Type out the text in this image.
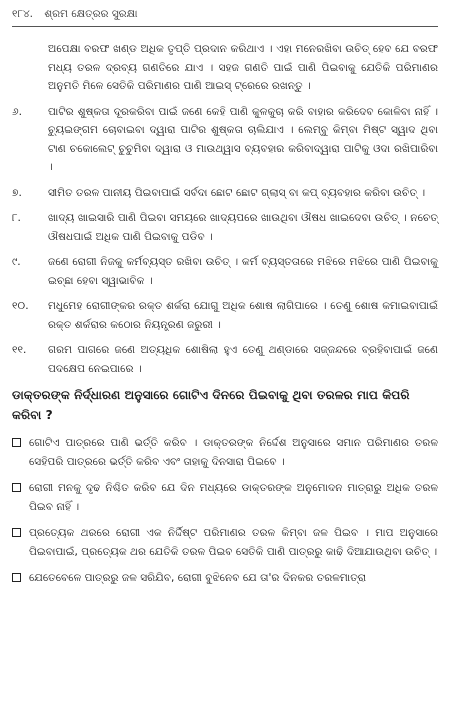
୧୮୪. ଶ୍ରମ କ୍ଷେତ୍ରର ସୁରକ୍ଷା

ଅପେକ୍ଷା ବରଫ ଖଣ୍ଡ ଅଧିକ ତୃପ୍ତି ପ୍ରଦାନ କରିଥାଏ । ଏହା ମନେରଖିବା ଉଚିତ୍ ହେବ ଯେ ବରଫ ମଧ୍ୟ ତରଳ ଦ୍ରବ୍ୟ ଗଣତିରେ ଯାଏ । ସହଜ ଗଣତି ପାଇଁ ପାଣି ପିଇବାକୁ ଯେତିକି ପରିମାଣର ଅନୁମତି ମିଳେ ସେତିକି ପରିମାଣର ପାଣି ଆଇସ୍ ଟ୍ରେରେ ରଖନ୍ତୁ ।

୬.	ପାଟିର ଶୁଷ୍କତା ଦୂରକରିବା ପାଇଁ ଜଣେ କେହି ପାଣି କୁଳକୁଚା କରି ବାହାର କରିଦେବ କୋଳିବା ନାହିଁ । ଚ୍ୟୁଇଙ୍ଗମ ଚୋବାଇବା ଦ୍ୱାରା ପାଟିର ଶୁଷ୍କତା ଚାଲିଯାଏ । ଲେମ୍ବୁ କିମ୍ବା ମିଷ୍ଟ ସ୍ୱାଦ ଥିବା ଟାଣ ଚକୋଲେଟ୍ ଚୁଚୁମିବା ଦ୍ୱାରା ଓ ମାଉଥ୍ୱାସ ବ୍ୟବହାର କରିବାଦ୍ୱାରା ପାଟିକୁ ଓଦା ରଖିପାରିବା ।
୭.	ସୀମିତ ତରଳ ପାନୀୟ ପିଇବାପାଇଁ ସର୍ବଦା ଛୋଟ ଛୋଟ ଗ୍ଲାସ୍ ବା କପ୍ ବ୍ୟବହାର କରିବା ଉଚିତ୍ ।
୮.	ଖାଦ୍ୟ ଖାଇସାରି ପାଣି ପିଇବା ସମୟରେ ଖାଦ୍ୟପରେ ଖାଉଥିବା ଔଷଧ ଖାଇଦେବା ଉଚିତ୍ । ନଚେତ୍ ଔଷଧପାଇଁ ଅଧିକ ପାଣି ପିଇବାକୁ ପଡିବ ।
୯.	ଜଣେ ରୋଗୀ ନିଜକୁ କର୍ମବ୍ୟସ୍ତ ରଖିବା ଉଚିତ୍ । କର୍ମ ବ୍ୟସ୍ତତାରେ ମଝିରେ ମଝିରେ ପାଣି ପିଇବାକୁ ଇଚ୍ଛା ହେବା ସ୍ୱାଭାବିକ ।
୧୦.	ମଧୁମେହ ରୋଗୀଙ୍କର ରକ୍ତ ଶର୍କରା ଯୋଗୁ ଅଧିକ ଶୋଷ ଲାଗିପାରେ । ତେଣୁ ଶୋଷ କମାଇବାପାଇଁ ରକ୍ତ ଶର୍କରାର କଠୋର ନିୟନ୍ତ୍ରଣ ଜରୁରୀ ।
୧୧.	ଗରମ ପାଗରେ ଜଣେ ଅତ୍ୟଧିକ ଶୋଷିଲା ହୁଏ ତେଣୁ ଥଣ୍ଡାରେ ସଜ୍ଜନ୍ଦରେ ବ୍ରହିବାପାଇଁ ଜଣେ ପଦକ୍ଷେପ ନେଇପାରେ ।
ଡାକ୍ତରଙ୍କ ନିର୍ଦ୍ଧାରଣ ଅନୁସାରେ ଗୋଟିଏ ଦିନରେ ପିଇବାକୁ ଥିବା ତରଳର ମାପ କିପରି କରିବା ?
ଗୋଟିଏ ପାତ୍ରରେ ପାଣି ଭର୍ତ୍ତି କରିବ । ଡାକ୍ତରଙ୍କ ନିର୍ଦ୍ଦେଶ ଅନୁସାରେ ସମାନ ପରିମାଣର ତରଳ ସେହିପରି ପାତ୍ରରେ ଭର୍ତ୍ତି କରିବ ଏବଂ ତାହାକୁ ଦିନସାରା ପିଇବେ ।
ରୋଗୀ ମନକୁ ଦୃଢ ନିଶ୍ଚିତ କରିବ ଯେ ଦିନ ମଧ୍ୟରେ ଡାକ୍ତରଙ୍କ ଅନୁମୋଦନ ମାତ୍ରାରୁ ଅଧିକ ତରଳ ପିଇବ ନାହିଁ ।
ପ୍ରତ୍ୟେକ ଥରରେ ରୋଗୀ ଏକ ନିର୍ଦ୍ଦିଷ୍ଟ ପରିମାଣର ତରଳ କିମ୍ବା ଜଳ ପିଇବ । ମାପ ଅନୁସାରେ ପିଇବାପାଇଁ, ପ୍ରତ୍ୟେକ ଥର ଯେତିକି ତରଳ ପିଇବ ସେତିକି ପାଣି ପାତ୍ରରୁ କାଢି ଦିଆଯାଉଥିବା ଉଚିତ୍ ।
ଯେତେବେଳେ ପାତ୍ରରୁ ଜଳ ସରିଯିବ, ରୋଗୀ ବୁଝିନେବ ଯେ ତା'ର ଦିନକର ତରଳମାତ୍ରା
